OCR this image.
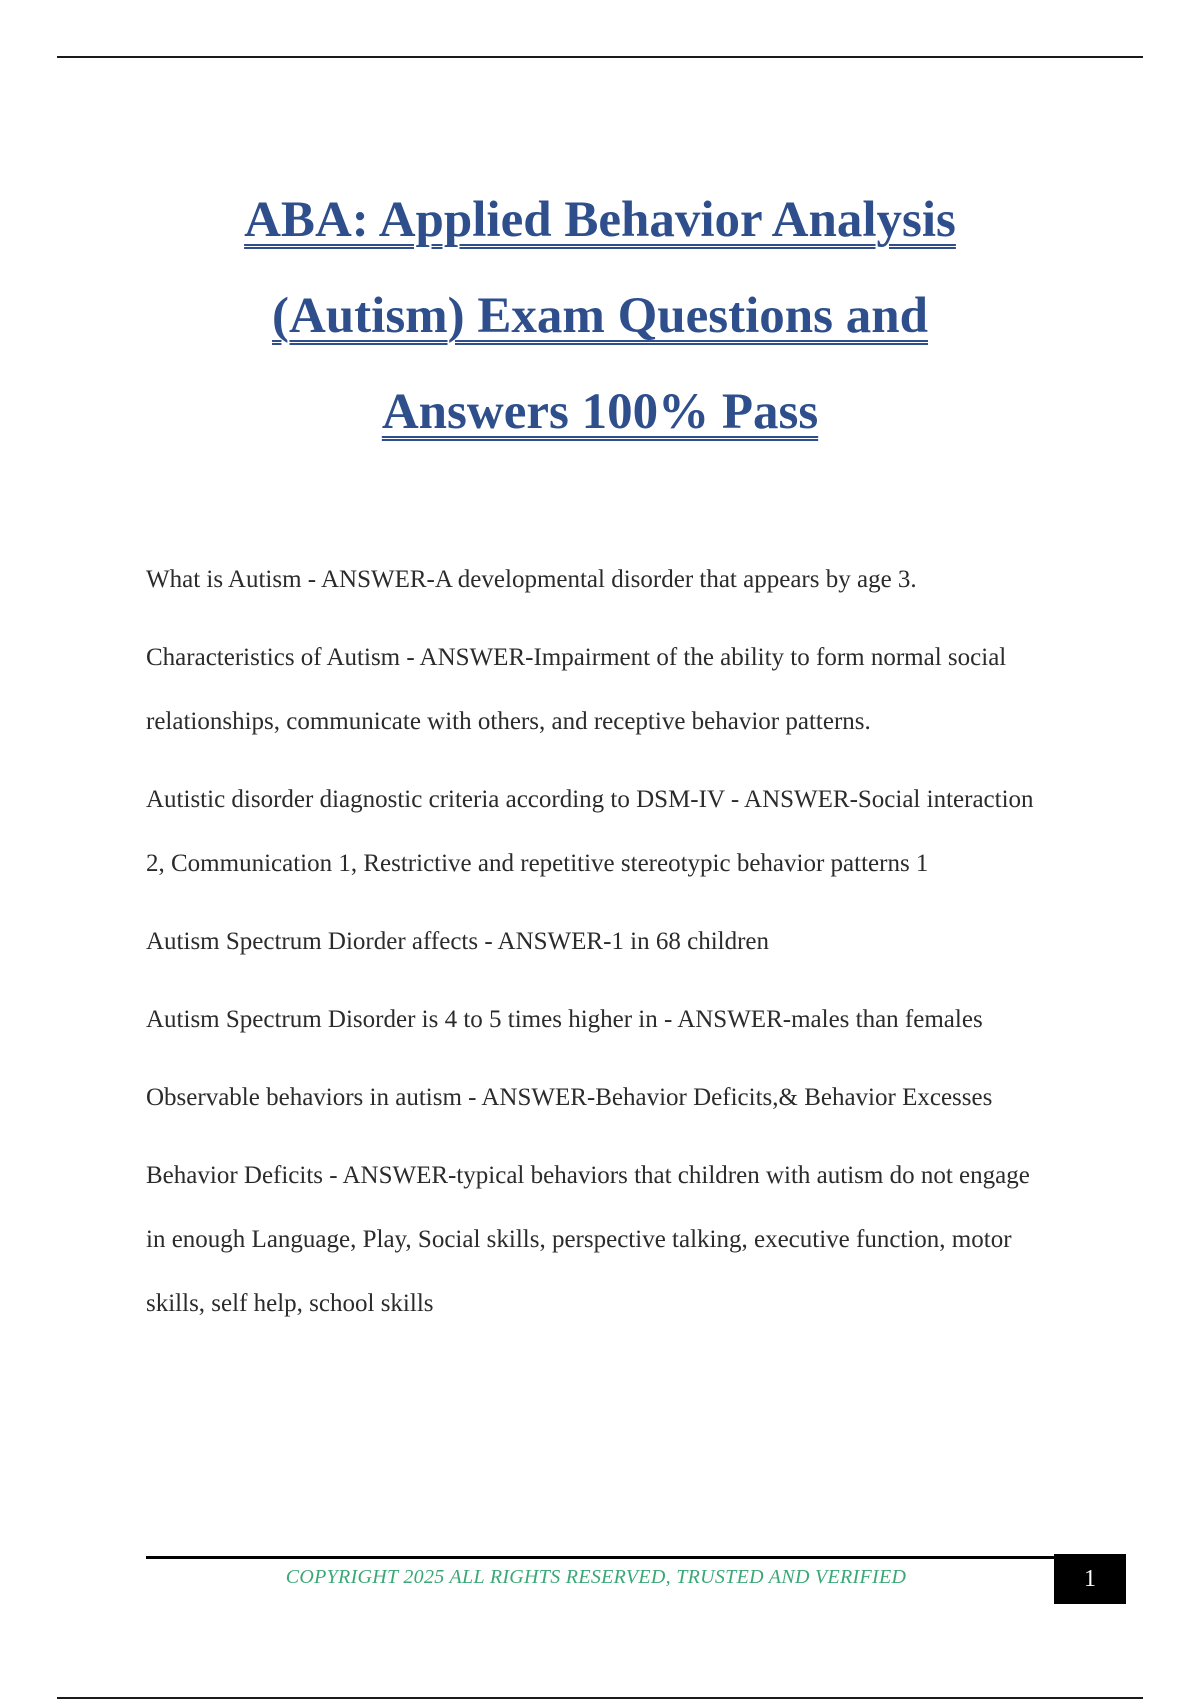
ABA: Applied Behavior Analysis
(Autism) Exam Questions and
Answers 100% Pass

What is Autism - ANSWER-A developmental disorder that appears by age 3.

Characteristics of Autism - ANSWER-Impairment of the ability to form normal social relationships, communicate with others, and receptive behavior patterns.

Autistic disorder diagnostic criteria according to DSM-IV - ANSWER-Social interaction 2, Communication 1, Restrictive and repetitive stereotypic behavior patterns 1

Autism Spectrum Diorder affects - ANSWER-1 in 68 children

Autism Spectrum Disorder is 4 to 5 times higher in - ANSWER-males than females

Observable behaviors in autism - ANSWER-Behavior Deficits,& Behavior Excesses

Behavior Deficits - ANSWER-typical behaviors that children with autism do not engage in enough Language, Play, Social skills, perspective talking, executive function, motor skills, self help, school skills

COPYRIGHT 2025 ALL RIGHTS RESERVED, TRUSTED AND VERIFIED	1
